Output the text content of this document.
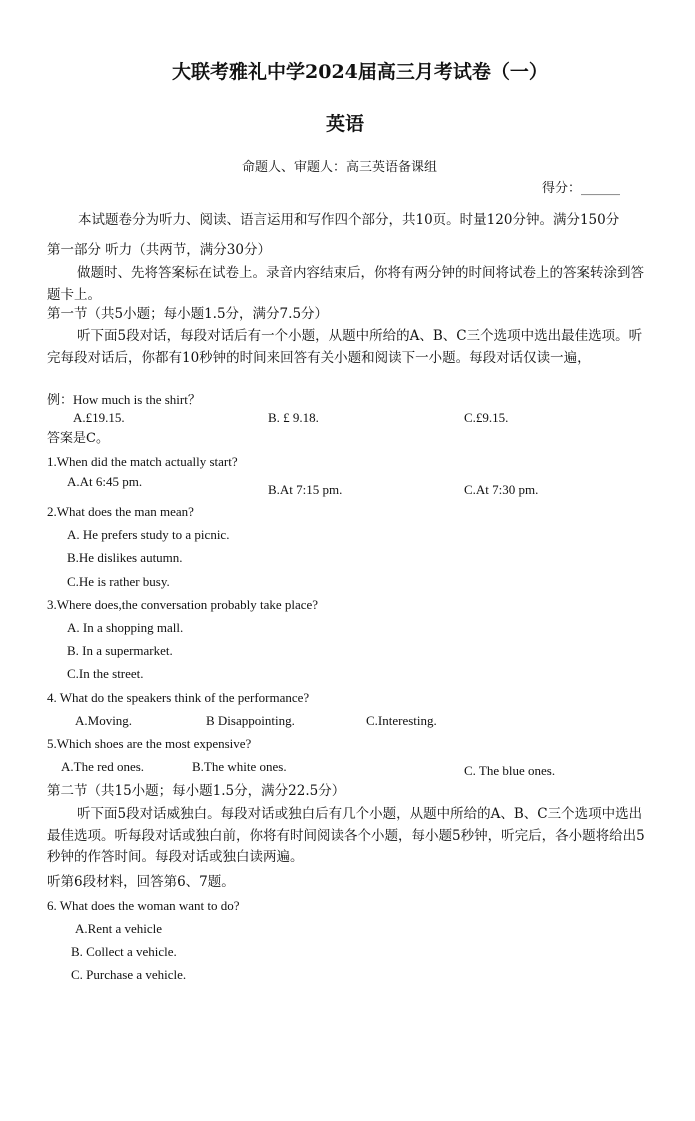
大联考雅礼中学2024届高三月考试卷（一）
英语
命题人、审题人：高三英语备课组
得分：______
本试题卷分为听力、阅读、语言运用和写作四个部分，共10页。时量120分钟。满分150分
第一部分 听力（共两节，满分30分）
做题时、先将答案标在试卷上。录音内容结束后，你将有两分钟的时间将试卷上的答案转涂到答题卡上。
第一节（共5小题；每小题1.5分，满分7.5分）
听下面5段对话，每段对话后有一个小题，从题中所给的A、B、C三个选项中选出最佳选项。听完每段对话后，你都有10秒钟的时间来回答有关小题和阅读下一小题。每段对话仅读一遍，
例：How much is the shirt？
A.£19.15.	B. £ 9.18.	C.£9.15.
答案是C。
1.When did the match actually start?
A.At 6:45 pm.
B.At 7:15 pm.	C.At 7:30 pm.
2.What does the man mean?
A. He prefers study to a picnic.
B.He dislikes autumn.
C.He is rather busy.
3.Where does,the conversation probably take place?
A. In a shopping mall.
B. In a supermarket.
C.In the street.
4. What do the speakers think of the performance?
A.Moving.	B Disappointing.	C.Interesting.
5.Which shoes are the most expensive?
A.The red ones.	B.The white ones.	C. The blue ones.
第二节（共15小题；每小题1.5分，满分22.5分）
听下面5段对话威独白。每段对话或独白后有几个小题，从题中所给的A、B、C三个选项中选出最佳选项。听每段对话或独白前，你将有时间阅读各个小题，每小题5秒钟，听完后，各小题将给出5秒钟的作答时间。每段对话或独白读两遍。
听第6段材料，回答第6、7题。
6. What does the woman want to do?
A.Rent a vehicle
B. Collect a vehicle.
C. Purchase a vehicle.
